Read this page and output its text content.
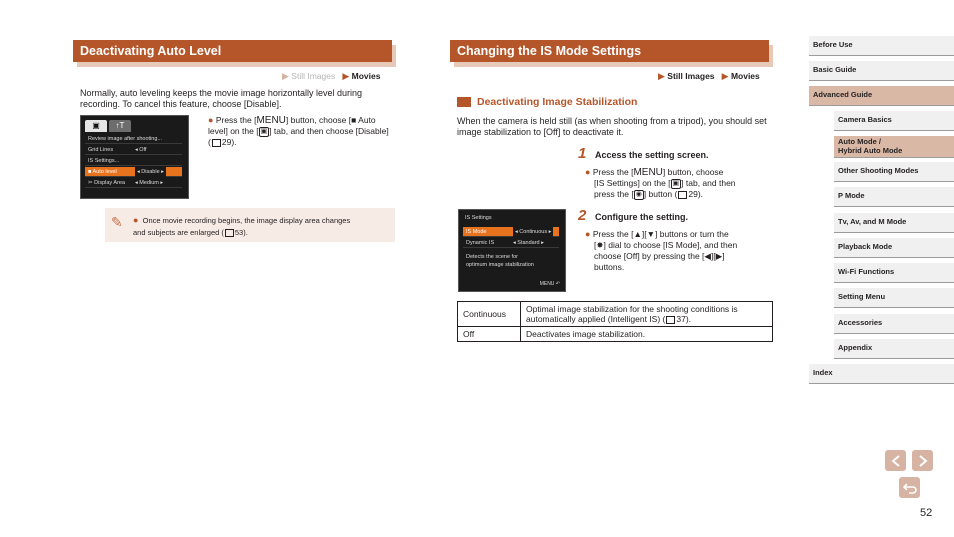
Deactivating Auto Level
▶ Still Images ▶ Movies
Normally, auto leveling keeps the movie image horizontally level during recording. To cancel this feature, choose [Disable].
▣	↑T
Review image after shooting...
Grid Lines	◂ Off
IS Settings...
■ Auto level	◂ Disable ▸
✂ Display Area ◂ Medium ▸
● Press the [MENU] button, choose [■ Auto level] on the [ ▣ ] tab, and then choose [Disable] ( 29).
✎ ● Once movie recording begins, the image display area changes
and subjects are enlarged ( 53).
Changing the IS Mode Settings
▶ Still Images ▶ Movies
Deactivating Image Stabilization
When the camera is held still (as when shooting from a tripod), you should set image stabilization to [Off] to deactivate it.
1 Access the setting screen.
● Press the [MENU] button, choose
[IS Settings] on the [ ▣ ] tab, and then
press the [ ◉ ] button ( 29).
IS Settings
IS Mode	◂ Continuous ▸
Dynamic IS	◂ Standard ▸
Detects the scene for
optimum image stabilization
MENU ↶
2 Configure the setting.
● Press the [▲][▼] buttons or turn the
[✸] dial to choose [IS Mode], and then
choose [Off] by pressing the [◀][▶]
buttons.
Continuous	Optimal image stabilization for the shooting conditions is automatically applied (Intelligent IS) ( 37).
Off	Deactivates image stabilization.
Before Use
Basic Guide
Advanced Guide
Camera Basics
Auto Mode /
Hybrid Auto Mode
Other Shooting Modes
P Mode
Tv, Av, and M Mode
Playback Mode
Wi-Fi Functions
Setting Menu
Accessories
Appendix
Index
52
